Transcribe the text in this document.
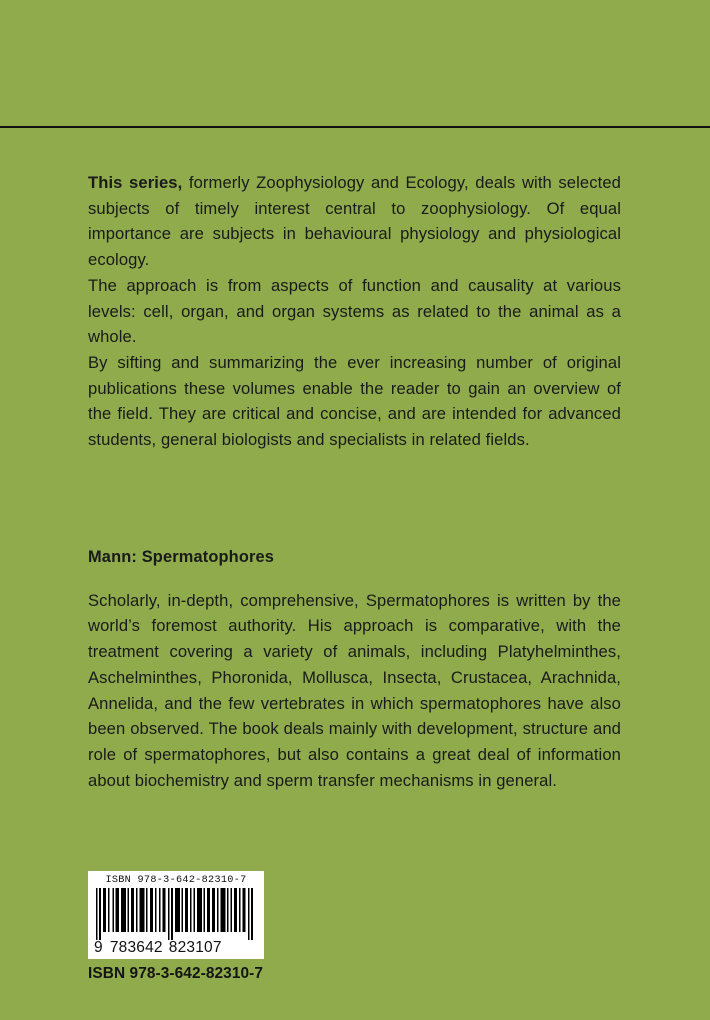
This series, formerly Zoophysiology and Ecology, deals with selected subjects of timely interest central to zoophysiology. Of equal importance are subjects in behavioural physiology and physiological ecology.

The approach is from aspects of function and causality at various levels: cell, organ, and organ systems as related to the animal as a whole.

By sifting and summarizing the ever increasing number of original publications these volumes enable the reader to gain an overview of the field. They are critical and concise, and are intended for advanced students, general biologists and specialists in related fields.

Mann: Spermatophores
Scholarly, in-depth, comprehensive, Spermatophores is written by the world’s foremost authority. His approach is comparative, with the treatment covering a variety of animals, including Platyhelminthes, Aschelminthes, Phoronida, Mollusca, Insecta, Crustacea, Arachnida, Annelida, and the few vertebrates in which spermatophores have also been observed. The book deals mainly with development, structure and role of spermatophores, but also contains a great deal of information about biochemistry and sperm transfer mechanisms in general.
ISBN 978-3-642-82310-7
9 783642 823107
ISBN 978-3-642-82310-7
